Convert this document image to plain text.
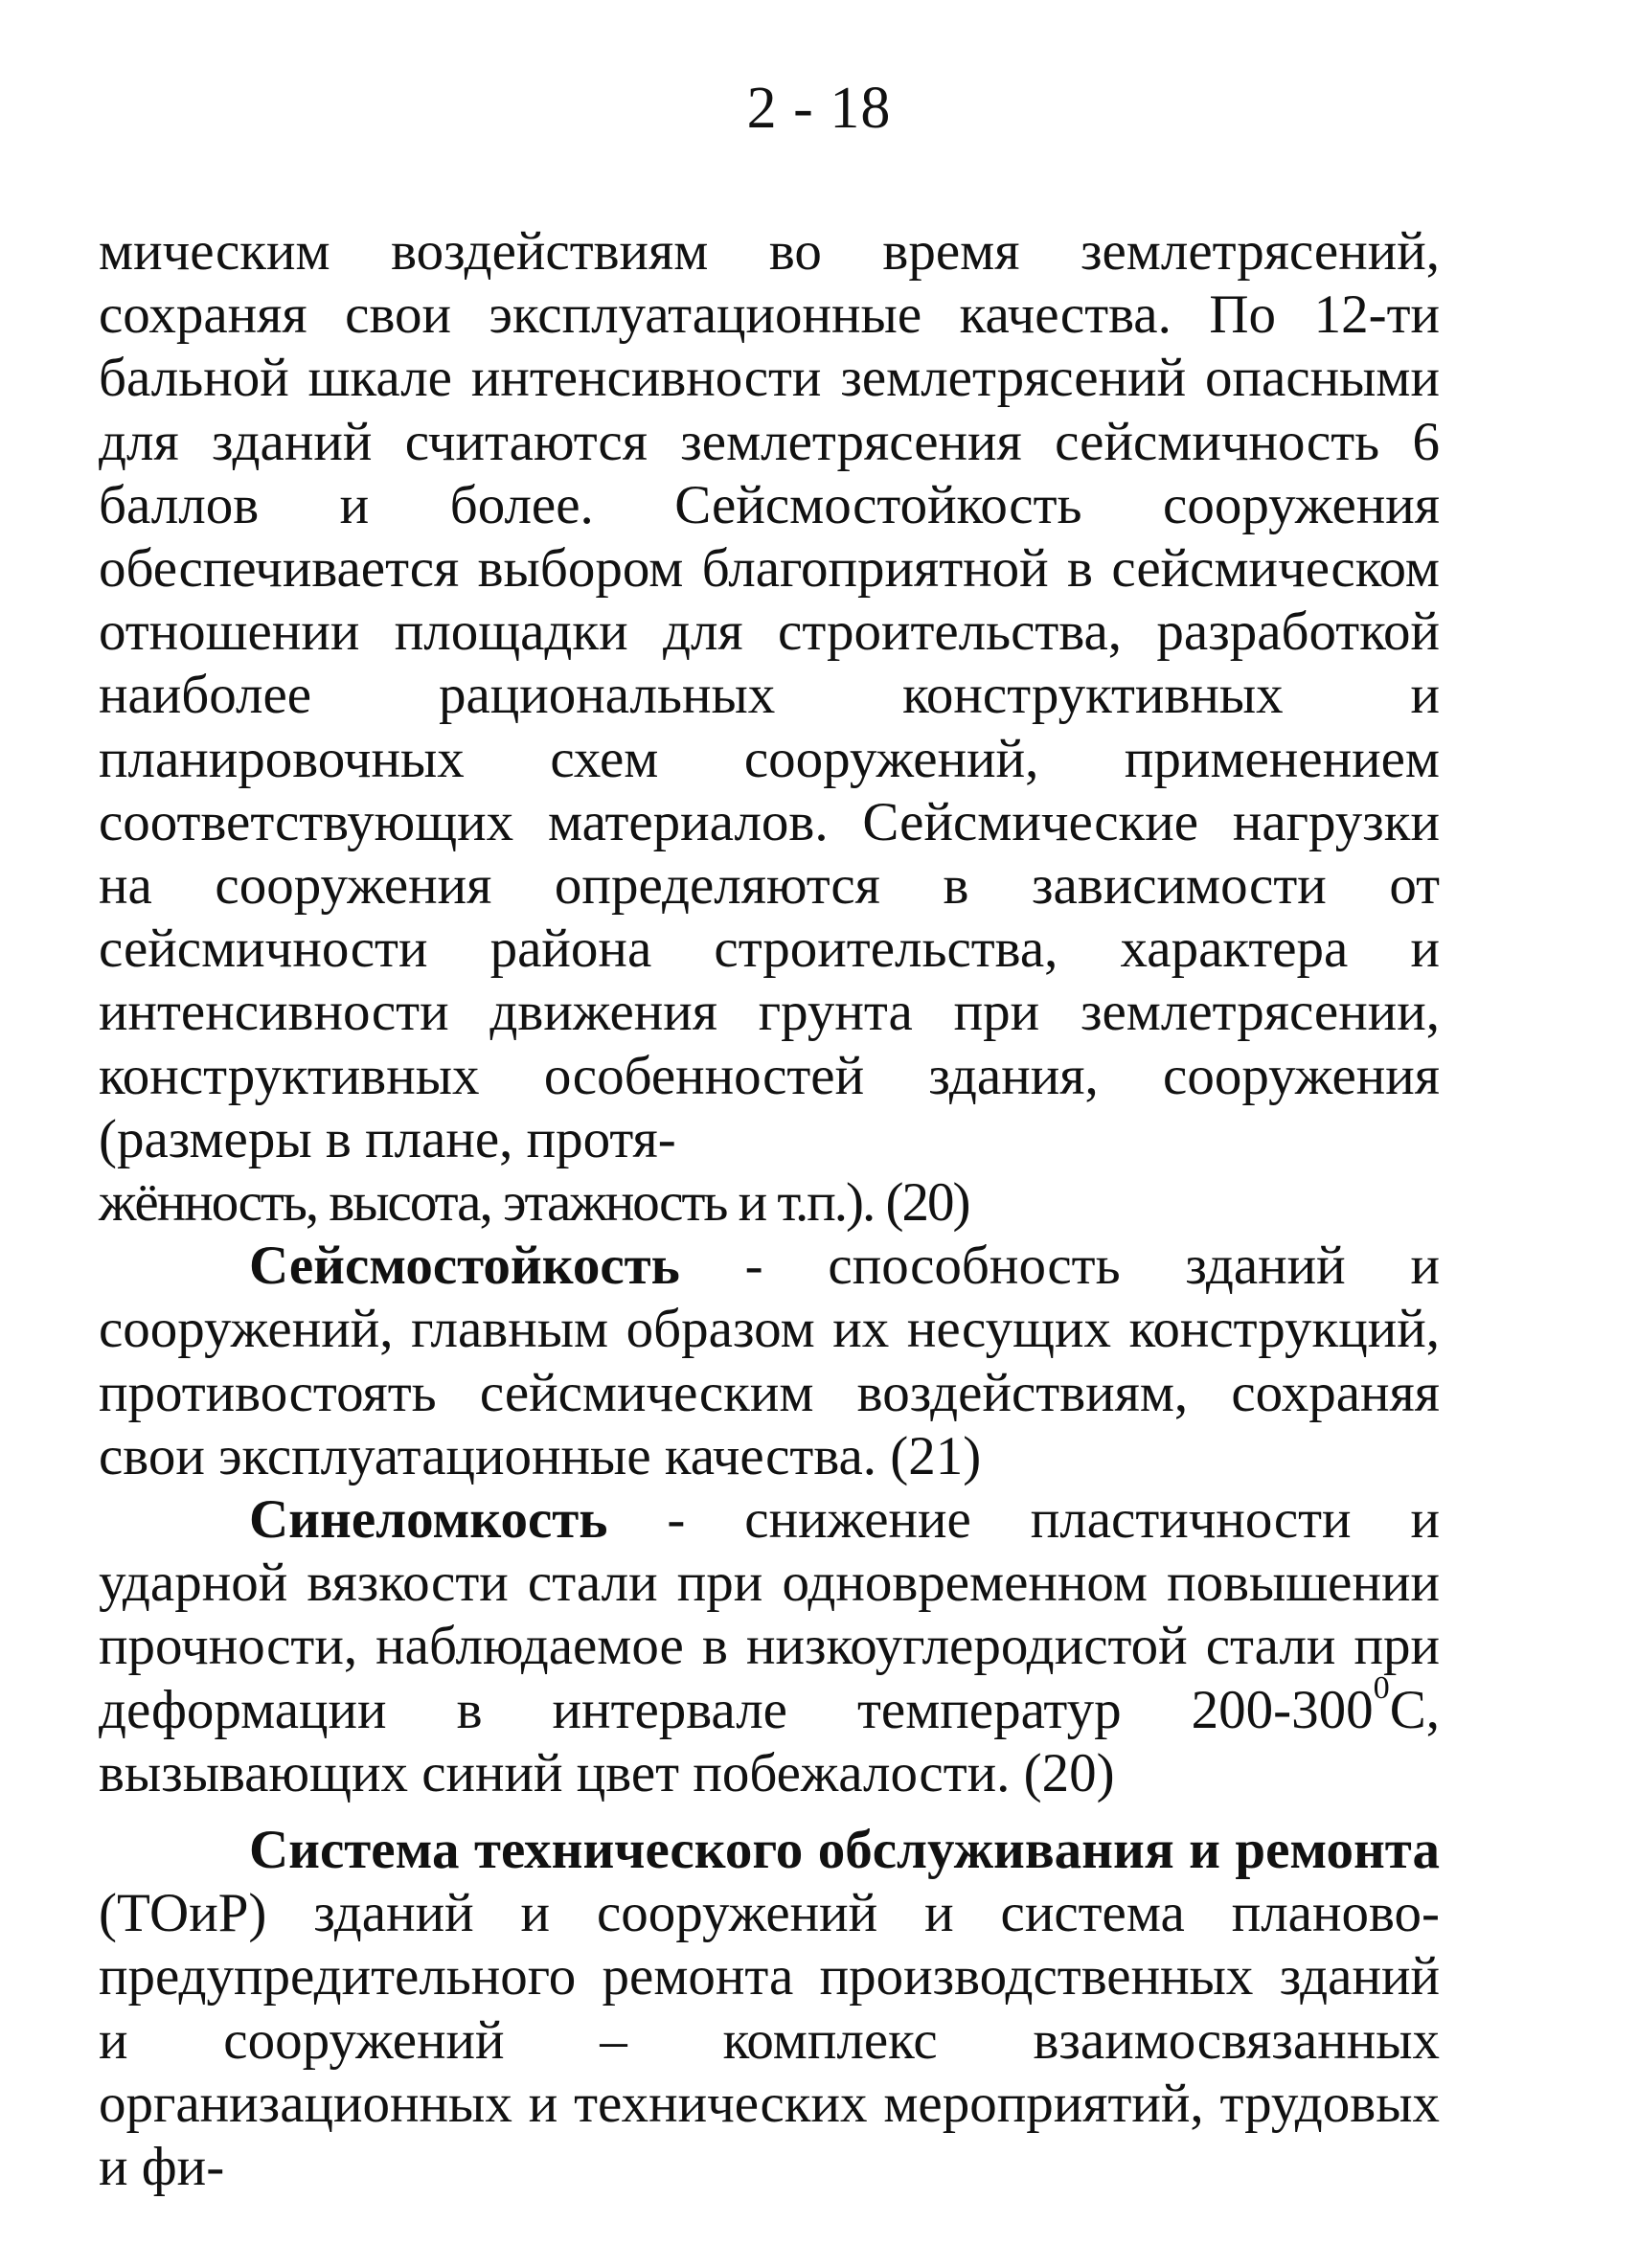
2 - 18

мическим воздействиям во время землетрясений, сохраняя свои эксплуатационные качества. По 12-ти бальной шкале интенсивности землетрясений опасными для зданий считаются землетрясения сейсмичность 6 баллов и более. Сейсмостойкость сооружения обеспечивается выбором благоприятной в сейсмическом отношении площадки для строительства, разработкой наиболее рациональных конструктивных и планировочных схем сооружений, применением соответствующих материалов. Сейсмические нагрузки на сооружения определяются в зависимости от сейсмичности района строительства, характера и интенсивности движения грунта при землетрясении, конструктивных особенностей здания, сооружения (размеры в плане, протя-
жённость, высота, этажность и т.п.). (20)

Сейсмостойкость - способность зданий и сооружений, главным образом их несущих конструкций, противостоять сейсмическим воздействиям, сохраняя свои эксплуатационные качества. (21)

Синеломкость - снижение пластичности и ударной вязкости стали при одновременном повышении прочности, наблюдаемое в низкоуглеродистой стали при деформации в интервале температур $200-300^0С$, вызывающих синий цвет побежалости. (20)

Система технического обслуживания и ремонта (ТОиР) зданий и сооружений и система планово-предупредительного ремонта производственных зданий и сооружений – комплекс взаимосвязанных организационных и технических мероприятий, трудовых и фи-
